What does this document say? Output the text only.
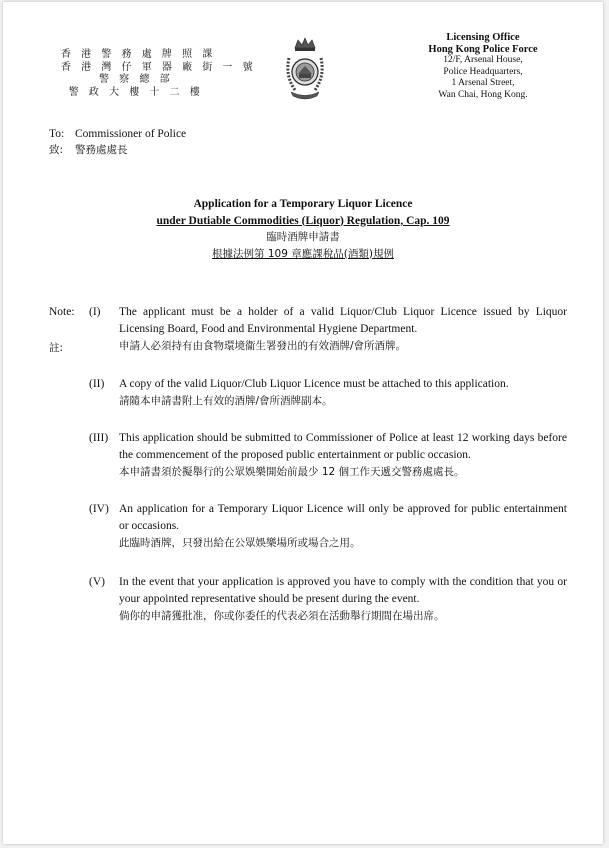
香 港 警 務 處 牌 照 課
香 港 灣 仔 軍 器 廠 街 一 號
警 察 總 部
警 政 大 樓 十 二 樓
Licensing Office
Hong Kong Police Force
12/F, Arsenal House,
Police Headquarters,
1 Arsenal Street,
Wan Chai, Hong Kong.
To: Commissioner of Police
致: 警務處處長
Application for a Temporary Liquor Licence
under Dutiable Commodities (Liquor) Regulation, Cap. 109
臨時酒牌申請書
根據法例第 109 章應課稅品(酒類)規例
Note:
註:
(I) The applicant must be a holder of a valid Liquor/Club Liquor Licence issued by Liquor Licensing Board, Food and Environmental Hygiene Department.
申請人必須持有由食物環境衞生署發出的有效酒牌/會所酒牌。
(II) A copy of the valid Liquor/Club Liquor Licence must be attached to this application.
請隨本申請書附上有效的酒牌/會所酒牌副本。
(III) This application should be submitted to Commissioner of Police at least 12 working days before the commencement of the proposed public entertainment or public occasion.
本申請書須於擬舉行的公眾娛樂開始前最少 12 個工作天遞交警務處處長。
(IV) An application for a Temporary Liquor Licence will only be approved for public entertainment or occasions.
此臨時酒牌，只發出給在公眾娛樂場所或場合之用。
(V) In the event that your application is approved you have to comply with the condition that you or your appointed representative should be present during the event.
倘你的申請獲批准，你或你委任的代表必須在活動舉行期間在場出席。
